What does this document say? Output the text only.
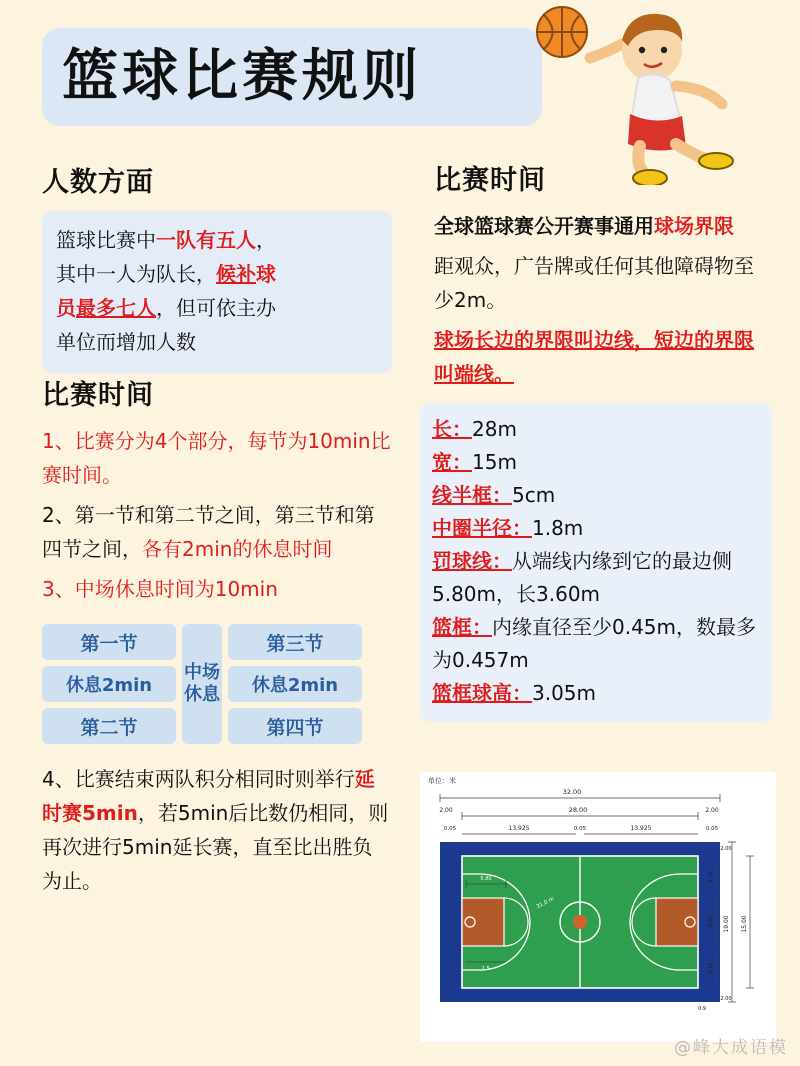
篮球比赛规则
人数方面
篮球比赛中一队有五人，
其中一人为队长，候补球
员最多七人，但可依主办
单位而增加人数
比赛时间

1、比赛分为4个部分，每节为10min比赛时间。

2、第一节和第二节之间，第三节和第四节之间，各有2min的休息时间

3、中场休息时间为10min

第一节
休息2min
第二节
中场休息
第三节
休息2min
第四节

4、比赛结束两队积分相同时则举行延时赛5min，若5min后比数仍相同，则再次进行5min延长赛，直至比出胜负为止。

比赛时间

全球篮球赛公开赛事通用球场界限

距观众，广告牌或任何其他障碍物至少2m。

球场长边的界限叫边线，短边的界限叫端线。

长：28m
宽：15m
线半框：5cm
中圈半径：1.8m
罚球线：从端线内缘到它的最边侧5.80m，长3.60m
篮框：内缘直径至少0.45m，数最多为0.457m
篮框球高：3.05m
单位：米
32.00
28.00
2.00	2.00
13.925	13.925
0.05
0.05	0.05
5.80
1.5
31.0 m
19.00 15.00
4.15
6.75
4.15
2.00
2.00
0.9
@峰大成语模
